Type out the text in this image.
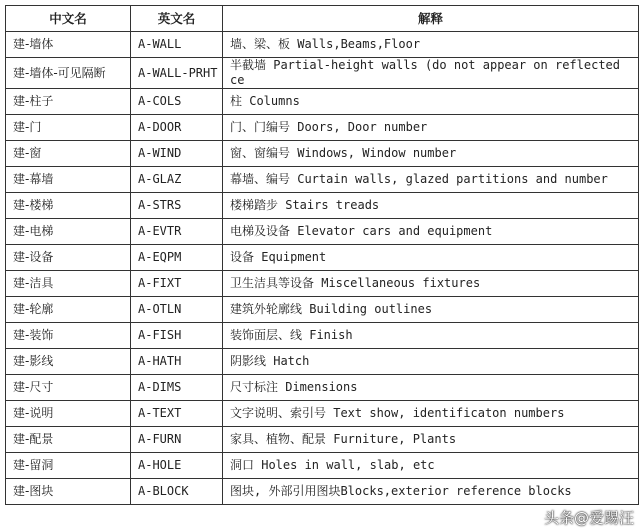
中文名	英文名	解释
建-墙体	A-WALL	墙、梁、板 Walls,Beams,Floor
建-墙体-可见隔断	A-WALL-PRHT	半截墙 Partial-height walls (do not appear on reflected ce
建-柱子	A-COLS	柱 Columns
建-门	A-DOOR	门、门编号 Doors, Door number
建-窗	A-WIND	窗、窗编号 Windows, Window number
建-幕墙	A-GLAZ	幕墙、编号 Curtain walls, glazed partitions and number
建-楼梯	A-STRS	楼梯踏步 Stairs treads
建-电梯	A-EVTR	电梯及设备 Elevator cars and equipment
建-设备	A-EQPM	设备 Equipment
建-洁具	A-FIXT	卫生洁具等设备 Miscellaneous fixtures
建-轮廓	A-OTLN	建筑外轮廓线 Building outlines
建-装饰	A-FISH	装饰面层、线 Finish
建-影线	A-HATH	阴影线 Hatch
建-尺寸	A-DIMS	尺寸标注 Dimensions
建-说明	A-TEXT	文字说明、索引号 Text show, identificaton numbers
建-配景	A-FURN	家具、植物、配景 Furniture, Plants
建-留洞	A-HOLE	洞口 Holes in wall, slab, etc
建-图块	A-BLOCK	图块, 外部引用图块Blocks,exterior reference blocks
头条@爱踢汪
